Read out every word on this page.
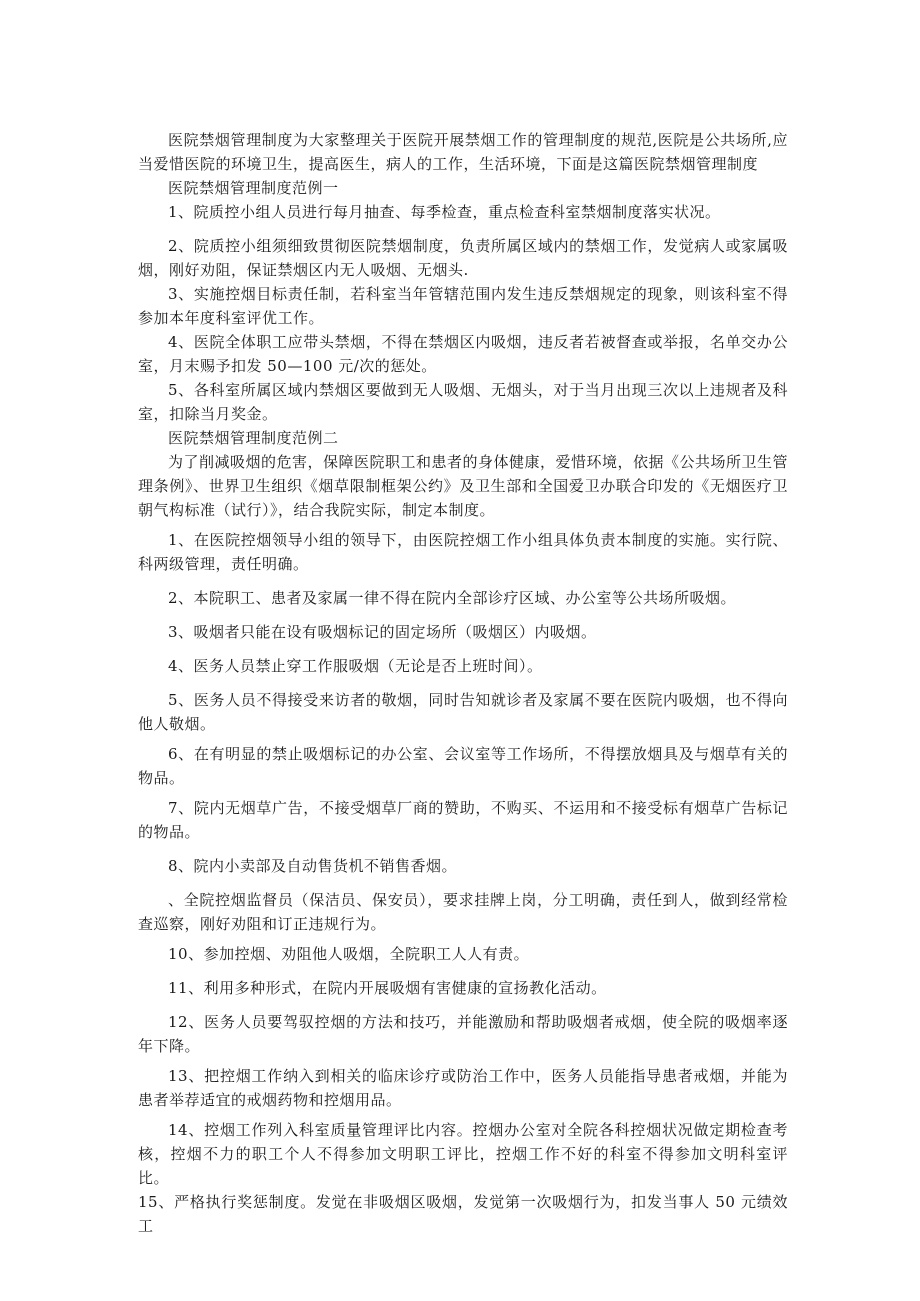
医院禁烟管理制度为大家整理关于医院开展禁烟工作的管理制度的规范,医院是公共场所,应当爱惜医院的环境卫生，提高医生，病人的工作，生活环境，下面是这篇医院禁烟管理制度

医院禁烟管理制度范例一

1、院质控小组人员进行每月抽查、每季检查，重点检查科室禁烟制度落实状况。

2、院质控小组须细致贯彻医院禁烟制度，负责所属区域内的禁烟工作，发觉病人或家属吸烟，刚好劝阻，保证禁烟区内无人吸烟、无烟头.

3、实施控烟目标责任制，若科室当年管辖范围内发生违反禁烟规定的现象，则该科室不得参加本年度科室评优工作。

4、医院全体职工应带头禁烟，不得在禁烟区内吸烟，违反者若被督查或举报，名单交办公室，月末赐予扣发 50—100 元/次的惩处。

5、各科室所属区域内禁烟区要做到无人吸烟、无烟头，对于当月出现三次以上违规者及科室，扣除当月奖金。

医院禁烟管理制度范例二

为了削减吸烟的危害，保障医院职工和患者的身体健康，爱惜环境，依据《公共场所卫生管理条例》、世界卫生组织《烟草限制框架公约》及卫生部和全国爱卫办联合印发的《无烟医疗卫朝气构标准（试行）》，结合我院实际，制定本制度。

1、在医院控烟领导小组的领导下，由医院控烟工作小组具体负责本制度的实施。实行院、科两级管理，责任明确。

2、本院职工、患者及家属一律不得在院内全部诊疗区域、办公室等公共场所吸烟。

3、吸烟者只能在设有吸烟标记的固定场所（吸烟区）内吸烟。

4、医务人员禁止穿工作服吸烟（无论是否上班时间）。

5、医务人员不得接受来访者的敬烟，同时告知就诊者及家属不要在医院内吸烟，也不得向他人敬烟。

6、在有明显的禁止吸烟标记的办公室、会议室等工作场所，不得摆放烟具及与烟草有关的物品。

7、院内无烟草广告，不接受烟草厂商的赞助，不购买、不运用和不接受标有烟草广告标记的物品。

8、院内小卖部及自动售货机不销售香烟。

、全院控烟监督员（保洁员、保安员），要求挂牌上岗，分工明确，责任到人，做到经常检查巡察，刚好劝阻和订正违规行为。

10、参加控烟、劝阻他人吸烟，全院职工人人有责。

11、利用多种形式，在院内开展吸烟有害健康的宣扬教化活动。

12、医务人员要驾驭控烟的方法和技巧，并能激励和帮助吸烟者戒烟，使全院的吸烟率逐年下降。

13、把控烟工作纳入到相关的临床诊疗或防治工作中，医务人员能指导患者戒烟，并能为患者举荐适宜的戒烟药物和控烟用品。

14、控烟工作列入科室质量管理评比内容。控烟办公室对全院各科控烟状况做定期检查考核，控烟不力的职工个人不得参加文明职工评比，控烟工作不好的科室不得参加文明科室评比。

15、严格执行奖惩制度。发觉在非吸烟区吸烟，发觉第一次吸烟行为，扣发当事人 50 元绩效工
